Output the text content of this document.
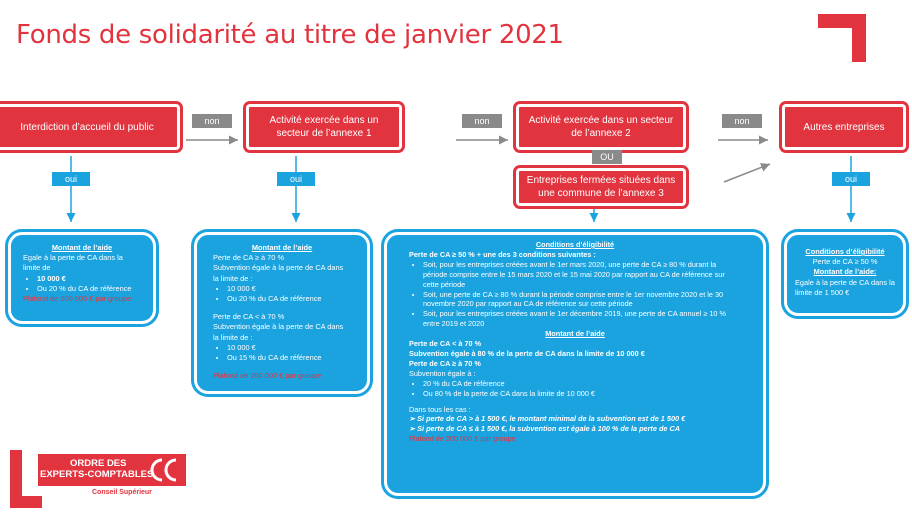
Fonds de solidarité au titre de janvier 2021
Interdiction d’accueil du public
Activité exercée dans un secteur de l’annexe 1
Activité exercée dans un secteur de l’annexe 2
Entreprises fermées situées dans une commune de l’annexe 3
Autres entreprises
non	non	non
OU
oui	oui	oui

Montant de l’aide

Egale à la perte de CA dans la limite de

• 10 000 €
• Ou 20 % du CA de référence

Plafond de 200 000 € par groupe

Montant de l’aide

Perte de CA ≥ à 70 %

Subvention égale à la perte de CA dans la limite de :

• 10 000 €
• Ou 20 % du CA de référence

Perte de CA < à 70 %

Subvention égale à la perte de CA dans la limite de :

• 10 000 €
• Ou 15 % du CA de référence

Plafond de 200 000 € par groupe

Conditions d’éligibilité

Perte de CA ≥ 50 % + une des 3 conditions suivantes :

• Soit, pour les entreprises créées avant le 1er mars 2020, une perte de CA ≥ 80 % durant la période comprise entre le 15 mars 2020 et le 15 mai 2020 par rapport au CA de référence sur cette période
• Soit, une perte de CA ≥ 80 % durant la période comprise entre le 1er novembre 2020 et le 30 novembre 2020 par rapport au CA de référence sur cette période
• Soit, pour les entreprises créées avant le 1er décembre 2019, une perte de CA annuel ≥ 10 % entre 2019 et 2020

Montant de l’aide

Perte de CA < à 70 %

Subvention égale à 80 % de la perte de CA dans la limite de 10 000 €

Perte de CA ≥ à 70 %

Subvention égale à :

• 20 % du CA de référence
• Ou 80 % de la perte de CA dans la limite de 10 000 €

Dans tous les cas :

➢ Si perte de CA > à 1 500 €, le montant minimal de la subvention est de 1 500 €

➢ Si perte de CA ≤ à 1 500 €, la subvention est égale à 100 % de la perte de CA

Plafond de 200 000 € par groupe

Conditions d’éligibilité

Perte de CA ≥ 50 %

Montant de l’aide:

Egale à la perte de CA dans la limite de 1 500 €

ORDRE DES
EXPERTS-COMPTABLES
Conseil Supérieur
